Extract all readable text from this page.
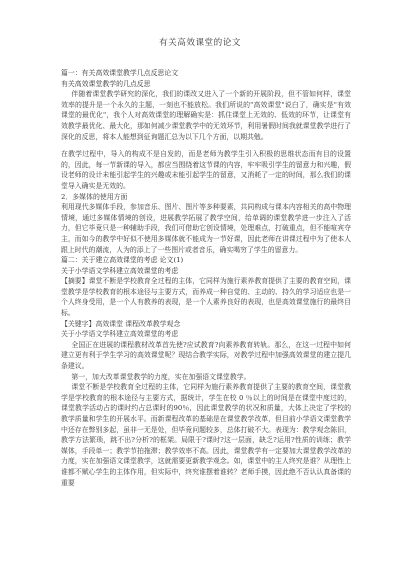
有关高效课堂的论文

篇一：有关高效课堂教学几点反思论文

有关高效课堂教学的几点反思

伴随着课堂教学研究的深化，我们的课改又进入了一个新的开展阶段，但不管如何样，课堂效率的提升是一个永久的主题，一刻也不能放松。我们所说的"高效课堂"说白了，确实是"有效课堂的最优化"，我个人对高效课堂的理解确实是：抓住课堂上无效的、低效的环节，让课堂有效教学最优化、最大化，那如何减少课堂教学中的无效环节，利用暑假时间我就课堂教学进行了深化的反思，将本人能想到征询题汇总为以下几个方面，以期共勉。

在教学过程中，导入的构成不是自发的，而是老师为教学生引入积极的思维状态而有目的设置的，因此，每一节新课的导入，都应当围绕着这节课的内容，牢牢吸引学生的留意力和兴趣，假设老师的设计未能引起学生的兴趣或未能引起学生的留意，又消耗了一定的时间，那么我们的课堂导入确实是无效的。

2．多媒体的使用方面

利用现代多媒体手段，参加音乐、图片、图片等多种要素，共同构成与课本内容相关的高中物理情境，通过多媒体情境的创设，进展教学拓展了教学空间，给单调的课堂教学进一步注入了活力，但它毕竟只是一种辅助手段，我们可借助它创设情境，处理难点，打破重点，但不能喧宾夺主，而如今的教学中好似不使用多媒体就不能成为一节好课，因此老师在讲课过程中为了使本人跟上时代的潮流，人为的添上了一些图片或者音乐，确实喝穷了学生的留意力。

篇二：关于建立高效课堂的考虑 论文(1)

关于小学语文学科建立高效课堂的考虑

【摘要】课堂不断是学校教育全过程的主体，它同样为施行素养教育提供了主要的教育空间，课堂教学是学校教育的根本途径与主要方式，而养成一种自觉的、主动的、持久的学习适应也是一个人终身受用，是一个人有教养的表现，是一个人素养良好的表现，也是高效课堂施行的最终目标。

【关键字】高效课堂 课程改革教学观念

关于小学语文学科建立高效课堂的考虑

全国正在进展的课程教材改革首先使?应试教育?向素养教育转轨。那么，在这一过程中如何建立更有利于学生学习的高效课堂呢？现结合教学实际，对教学过程中加强高效课堂的建立提几条建议。

第一，加大改革课堂教学的力度，实在加强语文课堂教学。

课堂不断是学校教育全过程的主体，它同样为施行素养教育提供了主要的教育空间，课堂教学是学校教育的根本途径与主要方式，据统计，学生在校 0 ％以上的时间是在课堂中度过的，课堂教学活动占的课时约占总课时的90％，因此课堂教学的状况和质量，大体上决定了学校的教学质量和学生的开展水平。而新课程改革的基础是在课堂教学改革，但目前小学语文课堂教学中还存在弊别多起，虽非一无是处，但毕竟问题较多，总体打破不大。表现为：教学观念陈旧，教学方法繁琐，跳不出?分析?的框架。局限于?课时?这一层面，缺乏?运用?性质的训练；教学媒体，手段单一；教学节拍拖滞；教学效率不高。因此，课堂教学有一定要加大课堂教学改革的力度，实在加强语文课堂教学，这就需要更新教学观念。如，课堂中的主人终究是谁？从理性上谁都不赋心学生的主体作用，但实际中，终究谁摆着谁转？老师手摸，因此绝不否认认真备课的重要
